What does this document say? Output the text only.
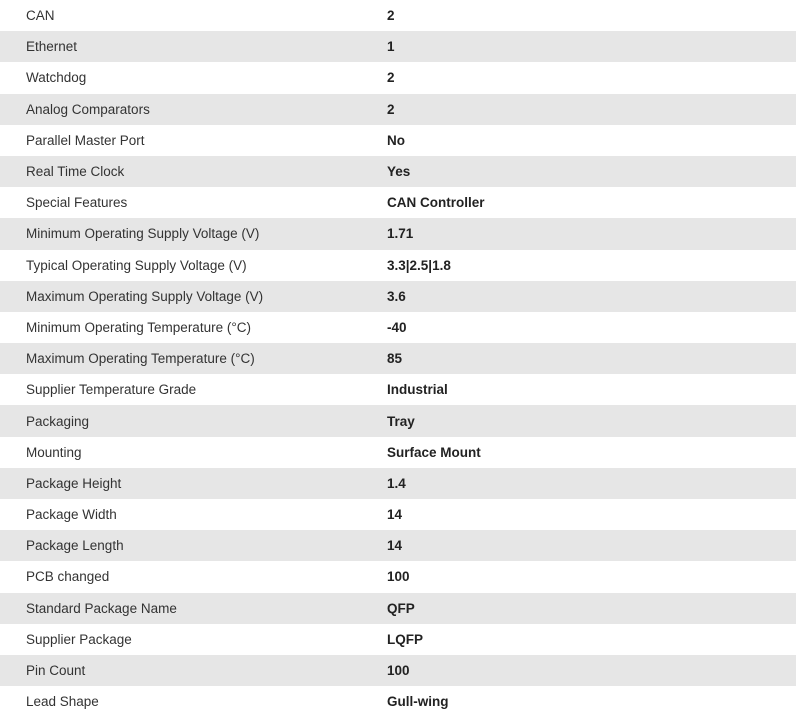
CAN	2
Ethernet	1
Watchdog	2
Analog Comparators	2
Parallel Master Port	No
Real Time Clock	Yes
Special Features	CAN Controller
Minimum Operating Supply Voltage (V)	1.71
Typical Operating Supply Voltage (V)	3.3|2.5|1.8
Maximum Operating Supply Voltage (V)	3.6
Minimum Operating Temperature (°C)	-40
Maximum Operating Temperature (°C)	85
Supplier Temperature Grade	Industrial
Packaging	Tray
Mounting	Surface Mount
Package Height	1.4
Package Width	14
Package Length	14
PCB changed	100
Standard Package Name	QFP
Supplier Package	LQFP
Pin Count	100
Lead Shape	Gull-wing
